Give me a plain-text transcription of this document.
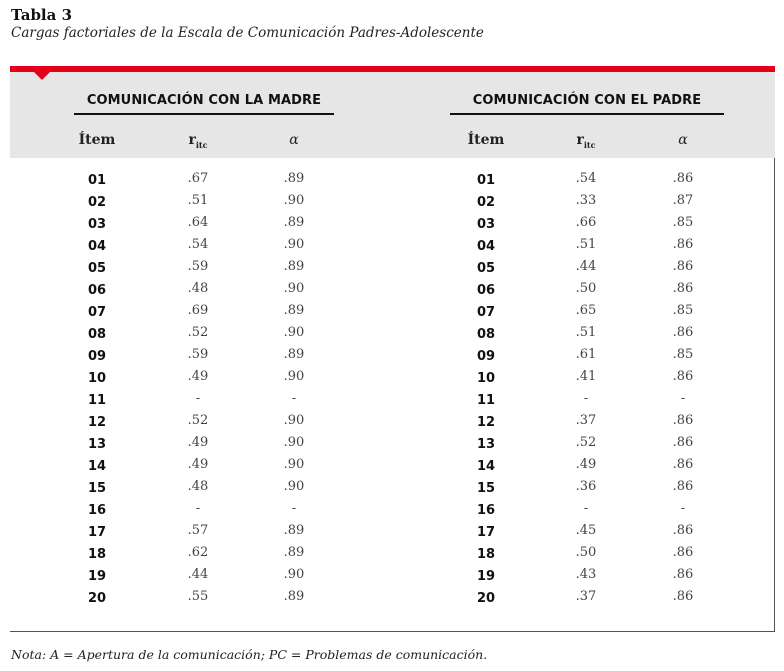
Tabla 3
Cargas factoriales de la Escala de Comunicación Padres-Adolescente
COMUNICACIÓN CON LA MADRE
Ítem	$r_{itc}$	α
COMUNICACIÓN CON EL PADRE
Ítem	$r_{itc}$	α
01	.67	.89	01	.54	.86
02	.51	.90	02	.33	.87
03	.64	.89	03	.66	.85
04	.54	.90	04	.51	.86
05	.59	.89	05	.44	.86
06	.48	.90	06	.50	.86
07	.69	.89	07	.65	.85
08	.52	.90	08	.51	.86
09	.59	.89	09	.61	.85
10	.49	.90	10	.41	.86
11	-	-	11	-	-
12	.52	.90	12	.37	.86
13	.49	.90	13	.52	.86
14	.49	.90	14	.49	.86
15	.48	.90	15	.36	.86
16	-	-	16	-	-
17	.57	.89	17	.45	.86
18	.62	.89	18	.50	.86
19	.44	.90	19	.43	.86
20	.55	.89	20	.37	.86
Nota: A = Apertura de la comunicación; PC = Problemas de comunicación.
